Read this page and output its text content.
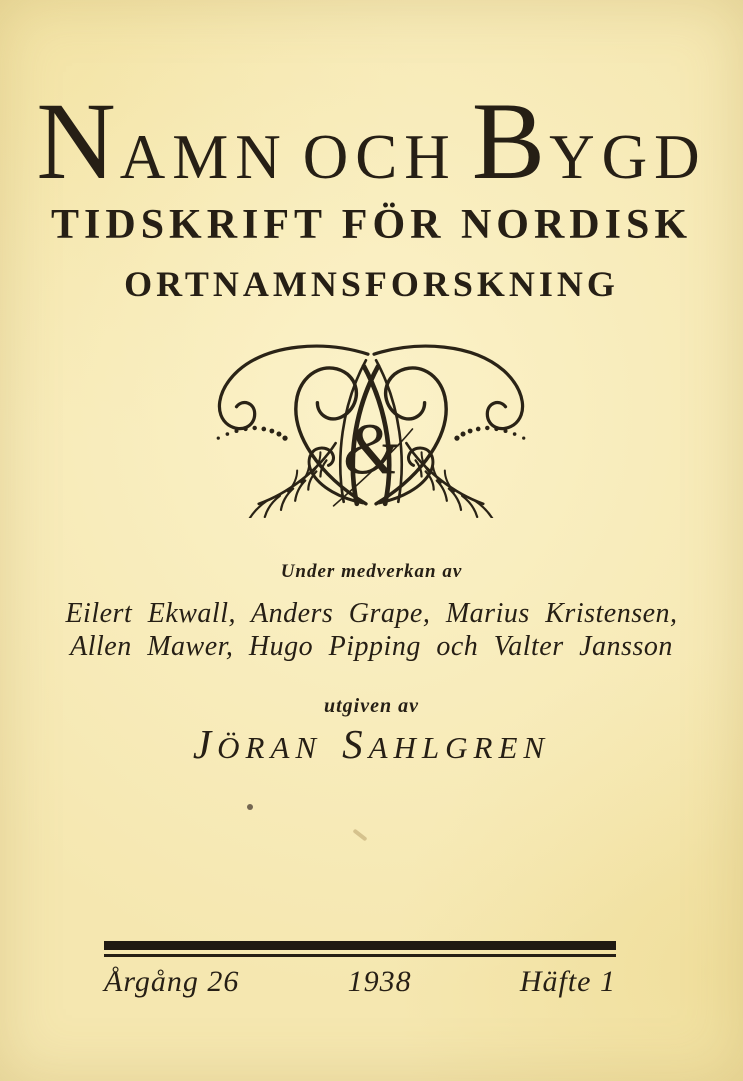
NAMN OCH BYGD
TIDSKRIFT FÖR NORDISK
ORTNAMNSFORSKNING
&
Under medverkan av
Eilert Ekwall, Anders Grape, Marius Kristensen,
Allen Mawer, Hugo Pipping och Valter Jansson
utgiven av
JÖRAN SAHLGREN
Årgång 26	1938	Häfte 1
